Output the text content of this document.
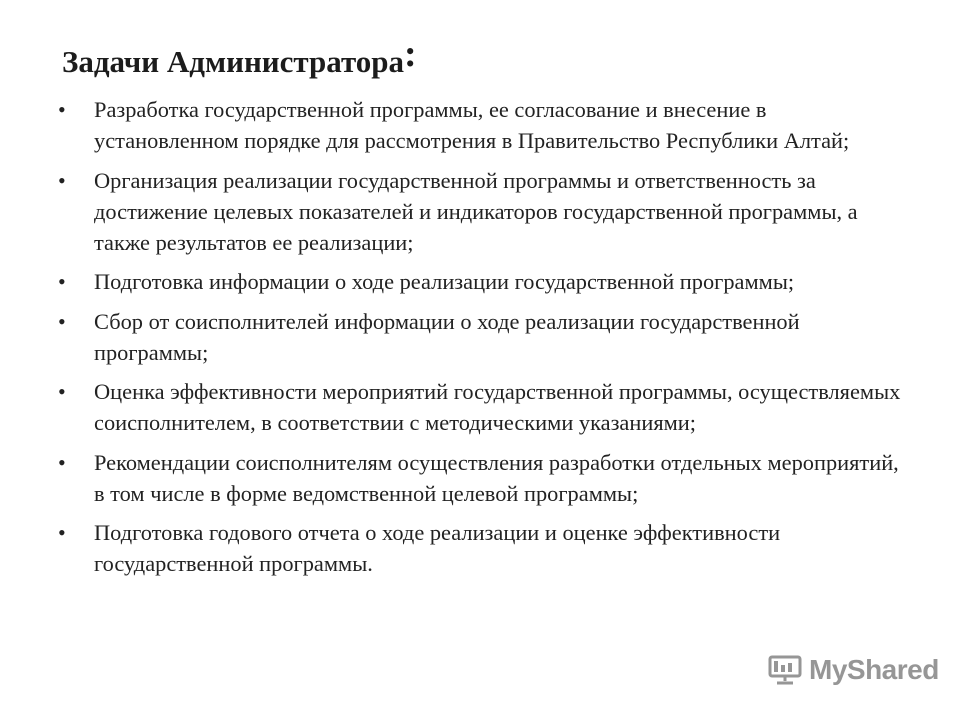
Задачи Администратора:
•	Разработка государственной программы, ее согласование и внесение в установленном порядке для рассмотрения в Правительство Республики Алтай;
•	Организация реализации государственной программы и ответственность за достижение целевых показателей и индикаторов государственной программы, а также результатов ее реализации;
•	Подготовка информации о ходе реализации государственной программы;
•	Сбор от соисполнителей информации о ходе реализации государственной программы;
•	Оценка эффективности мероприятий государственной программы, осуществляемых соисполнителем, в соответствии с методическими указаниями;
•	Рекомендации соисполнителям осуществления разработки отдельных мероприятий, в том числе в форме ведомственной целевой программы;
•	Подготовка годового отчета о ходе реализации и оценке эффективности государственной программы.
MyShared
